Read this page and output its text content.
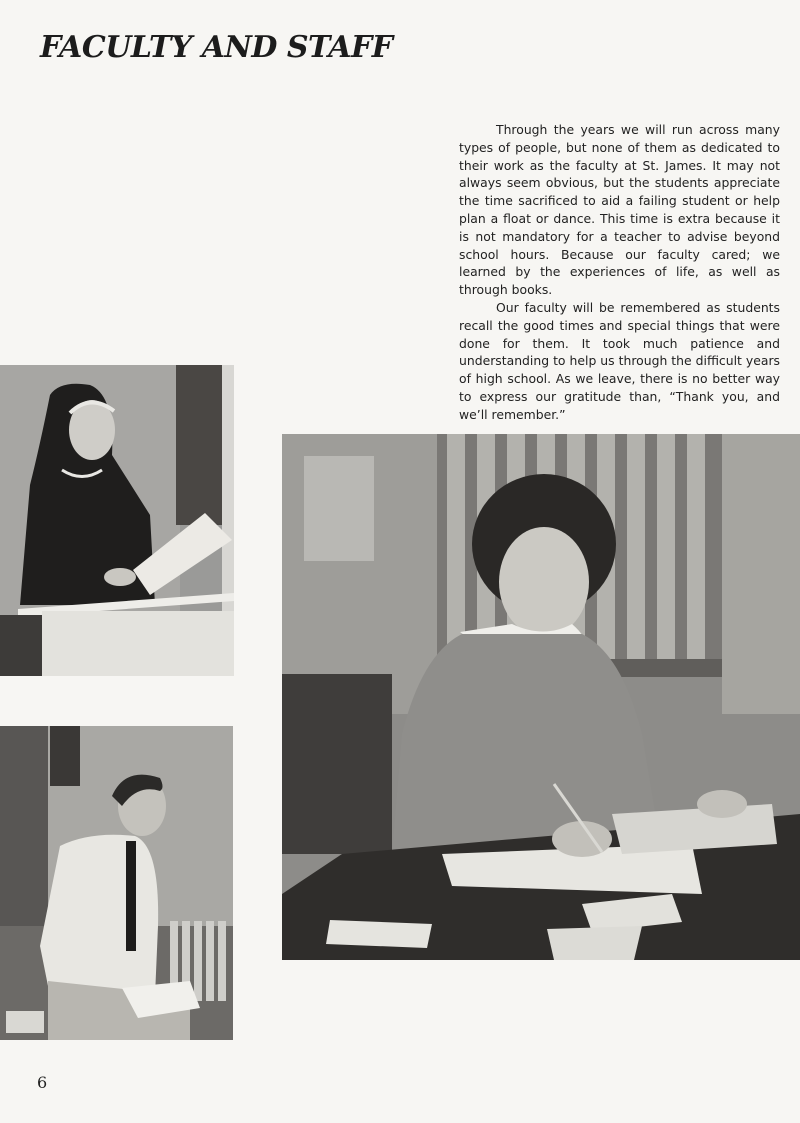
FACULTY AND STAFF

Through the years we will run across many types of people, but none of them as dedicated to their work as the faculty at St. James. It may not always seem obvious, but the students appreciate the time sacrificed to aid a failing student or help plan a float or dance. This time is extra because it is not mandatory for a teacher to advise beyond school hours. Because our faculty cared; we learned by the experiences of life, as well as through books.

Our faculty will be remembered as students recall the good times and special things that were done for them. It took much patience and understanding to help us through the difficult years of high school. As we leave, there is no better way to express our gratitude than, “Thank you, and we’ll remember.”

6
